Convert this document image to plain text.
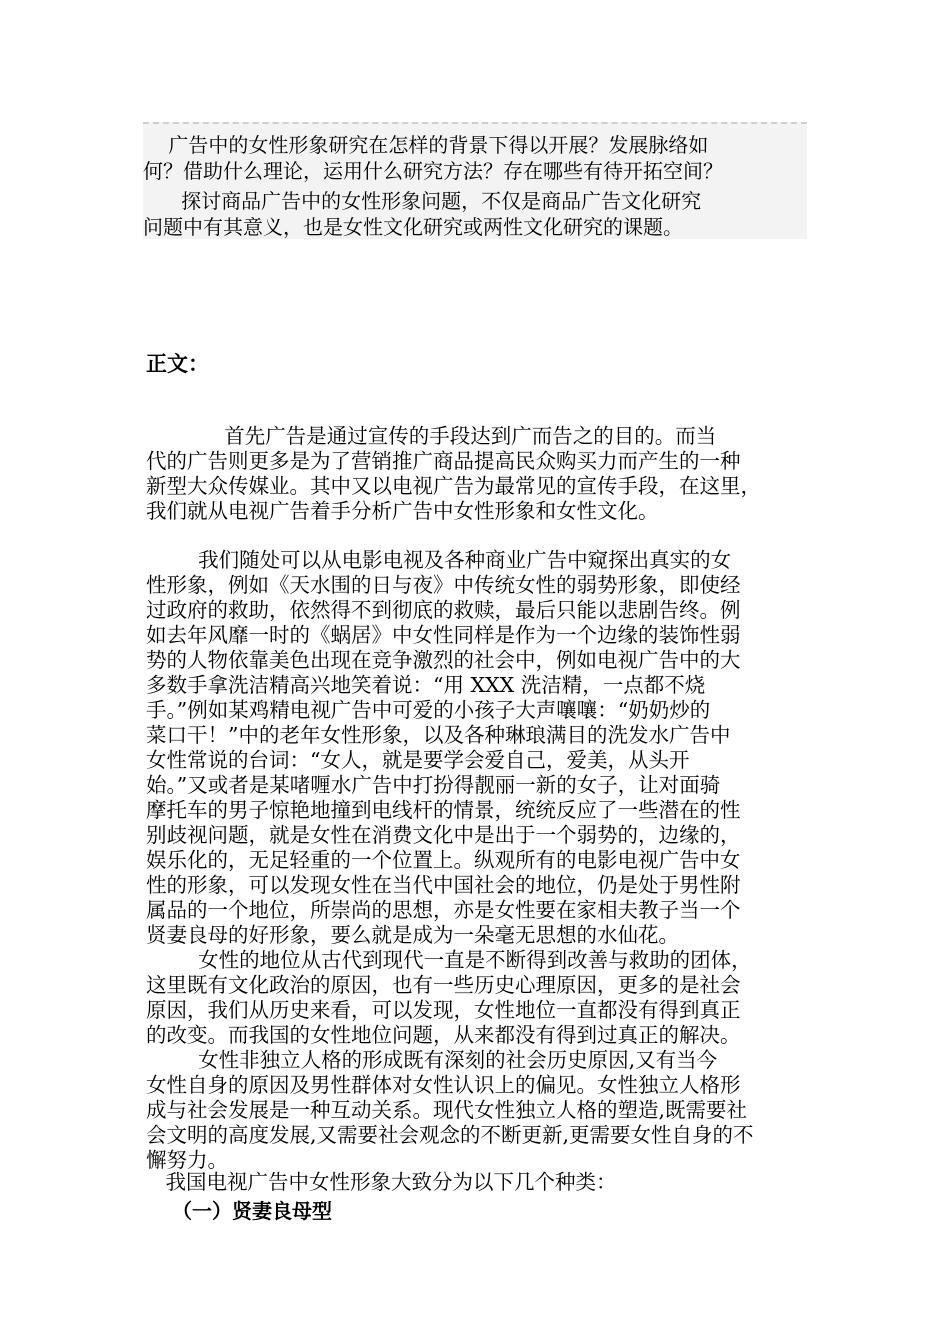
广告中的女性形象研究在怎样的背景下得以开展？发展脉络如
何？借助什么理论，运用什么研究方法？存在哪些有待开拓空间？
探讨商品广告中的女性形象问题，不仅是商品广告文化研究
问题中有其意义，也是女性文化研究或两性文化研究的课题。
正文：
首先广告是通过宣传的手段达到广而告之的目的。而当
代的广告则更多是为了营销推广商品提高民众购买力而产生的一种
新型大众传媒业。其中又以电视广告为最常见的宣传手段，在这里，
我们就从电视广告着手分析广告中女性形象和女性文化。
我们随处可以从电影电视及各种商业广告中窥探出真实的女
性形象，例如《天水围的日与夜》中传统女性的弱势形象，即使经
过政府的救助，依然得不到彻底的救赎，最后只能以悲剧告终。例
如去年风靡一时的《蜗居》中女性同样是作为一个边缘的装饰性弱
势的人物依靠美色出现在竞争激烈的社会中，例如电视广告中的大
多数手拿洗洁精高兴地笑着说：“用 XXX 洗洁精，一点都不烧
手。”例如某鸡精电视广告中可爱的小孩子大声嚷嚷：“奶奶炒的
菜口干！”中的老年女性形象，以及各种琳琅满目的洗发水广告中
女性常说的台词：“女人，就是要学会爱自己，爱美，从头开
始。”又或者是某啫喱水广告中打扮得靓丽一新的女子，让对面骑
摩托车的男子惊艳地撞到电线杆的情景，统统反应了一些潜在的性
别歧视问题，就是女性在消费文化中是出于一个弱势的，边缘的，
娱乐化的，无足轻重的一个位置上。纵观所有的电影电视广告中女
性的形象，可以发现女性在当代中国社会的地位，仍是处于男性附
属品的一个地位，所崇尚的思想，亦是女性要在家相夫教子当一个
贤妻良母的好形象，要么就是成为一朵毫无思想的水仙花。
女性的地位从古代到现代一直是不断得到改善与救助的团体，
这里既有文化政治的原因，也有一些历史心理原因，更多的是社会
原因，我们从历史来看，可以发现，女性地位一直都没有得到真正
的改变。而我国的女性地位问题，从来都没有得到过真正的解决。
女性非独立人格的形成既有深刻的社会历史原因,又有当今
女性自身的原因及男性群体对女性认识上的偏见。女性独立人格形
成与社会发展是一种互动关系。现代女性独立人格的塑造,既需要社
会文明的高度发展,又需要社会观念的不断更新,更需要女性自身的不
懈努力。
我国电视广告中女性形象大致分为以下几个种类：
（一）贤妻良母型
